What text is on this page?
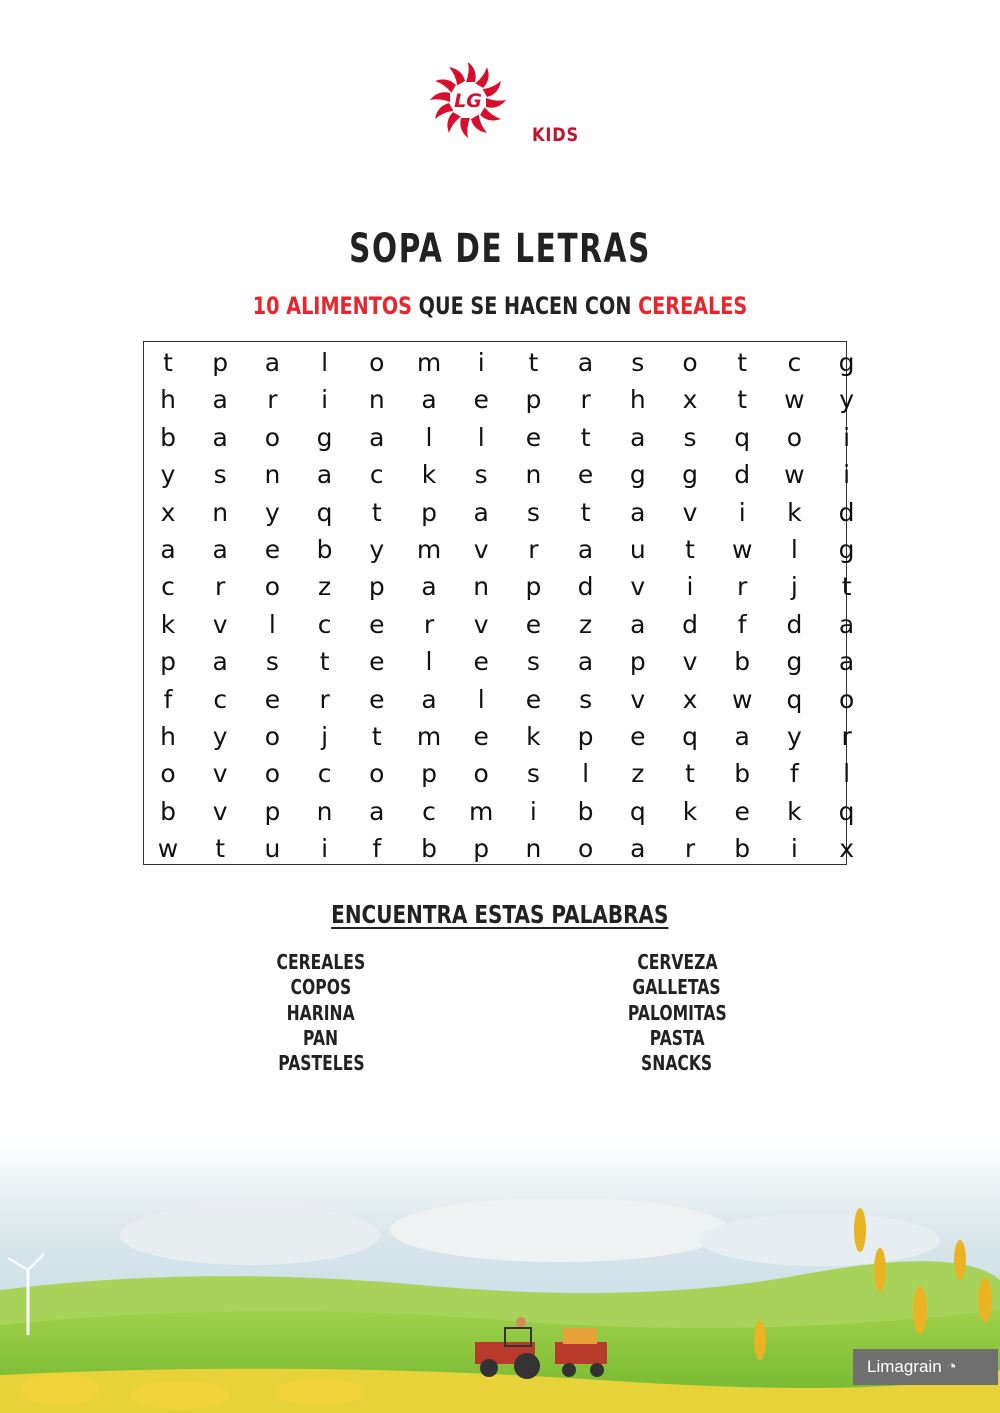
LG
KIDS
SOPA DE LETRAS
10 ALIMENTOS QUE SE HACEN CON CEREALES
t	p	a	l	o	m	i	t	a	s	o	t	c	g
h	a	r	i	n	a	e	p	r	h	x	t	w	y
b	a	o	g	a	l	l	e	t	a	s	q	o	i
y	s	n	a	c	k	s	n	e	g	g	d	w	i
x	n	y	q	t	p	a	s	t	a	v	i	k	d
a	a	e	b	y	m	v	r	a	u	t	w	l	g
c	r	o	z	p	a	n	p	d	v	i	r	j	t
k	v	l	c	e	r	v	e	z	a	d	f	d	a
p	a	s	t	e	l	e	s	a	p	v	b	g	a
f	c	e	r	e	a	l	e	s	v	x	w	q	o
h	y	o	j	t	m	e	k	p	e	q	a	y	r
o	v	o	c	o	p	o	s	l	z	t	b	f	l
b	v	p	n	a	c	m	i	b	q	k	e	k	q
w	t	u	i	f	b	p	n	o	a	r	b	i	x
ENCUENTRA ESTAS PALABRAS
CEREALES
COPOS
HARINA
PAN
PASTELES
CERVEZA
GALLETAS
PALOMITAS
PASTA
SNACKS
Limagrain ◔
